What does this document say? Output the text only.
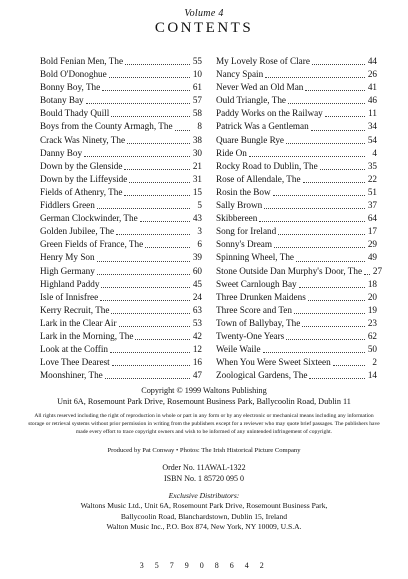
Volume 4
CONTENTS
Bold Fenian Men, The	55
Bold O'Donoghue	10
Bonny Boy, The	61
Botany Bay	57
Bould Thady Quill	58
Boys from the County Armagh, The	8
Crack Was Ninety, The	38
Danny Boy	30
Down by the Glenside	21
Down by the Liffeyside	31
Fields of Athenry, The	15
Fiddlers Green	5
German Clockwinder, The	43
Golden Jubilee, The	3
Green Fields of France, The	6
Henry My Son	39
High Germany	60
Highland Paddy	45
Isle of Innisfree	24
Kerry Recruit, The	63
Lark in the Clear Air	53
Lark in the Morning, The	42
Look at the Coffin	12
Love Thee Dearest	16
Moonshiner, The	47
My Lovely Rose of Clare	44
Nancy Spain	26
Never Wed an Old Man	41
Ould Triangle, The	46
Paddy Works on the Railway	11
Patrick Was a Gentleman	34
Quare Bungle Rye	54
Ride On	4
Rocky Road to Dublin, The	35
Rose of Allendale, The	22
Rosin the Bow	51
Sally Brown	37
Skibbereen	64
Song for Ireland	17
Sonny's Dream	29
Spinning Wheel, The	49
Stone Outside Dan Murphy's Door, The 27
Sweet Carnlough Bay	18
Three Drunken Maidens	20
Three Score and Ten	19
Town of Ballybay, The	23
Twenty-One Years	62
Weile Waile	50
When You Were Sweet Sixteen	2
Zoological Gardens, The	14
Copyright © 1999 Waltons Publishing
Unit 6A, Rosemount Park Drive, Rosemount Business Park, Ballycoolin Road, Dublin 11
All rights reserved including the right of reproduction in whole or part in any form or by any electronic or mechanical means including any information storage or retrieval systems without prior permission in writing from the publishers except for a reviewer who may quote brief passages. The publishers have made every effort to trace copyright owners and wish to be informed of any unintended infringement of copyright.
Produced by Pat Conway • Photos: The Irish Historical Picture Company
Order No. 11AWAL-1322
ISBN No. 1 85720 095 0
Exclusive Distributors:
Waltons Music Ltd., Unit 6A, Rosemount Park Drive, Rosemount Business Park,
Ballycoolin Road, Blanchardstown, Dublin 15, Ireland
Walton Music Inc., P.O. Box 874, New York, NY 10009, U.S.A.
3 5 7 9 0 8 6 4 2
